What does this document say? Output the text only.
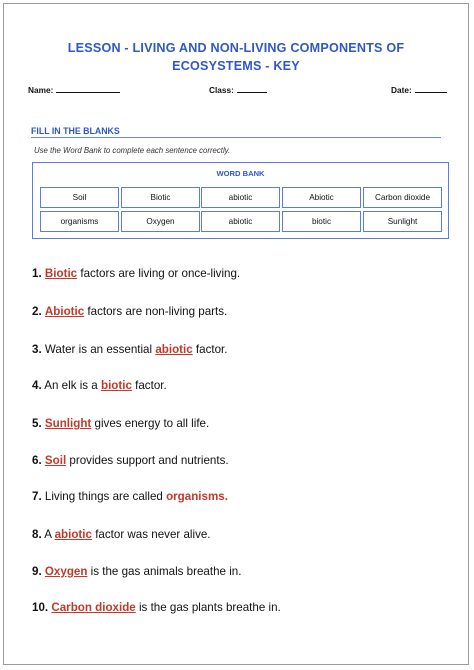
LESSON - LIVING AND NON-LIVING COMPONENTS OF
ECOSYSTEMS - KEY
Name:	Class:	Date:
FILL IN THE BLANKS
Use the Word Bank to complete each sentence correctly.
WORD BANK
Soil	Biotic	abiotic	Abiotic	Carbon dioxide
organisms	Oxygen	abiotic	biotic	Sunlight
1. Biotic factors are living or once-living.
2. Abiotic factors are non-living parts.
3. Water is an essential abiotic factor.
4. An elk is a biotic factor.
5. Sunlight gives energy to all life.
6. Soil provides support and nutrients.
7. Living things are called organisms.
8. A abiotic factor was never alive.
9. Oxygen is the gas animals breathe in.
10. Carbon dioxide is the gas plants breathe in.
